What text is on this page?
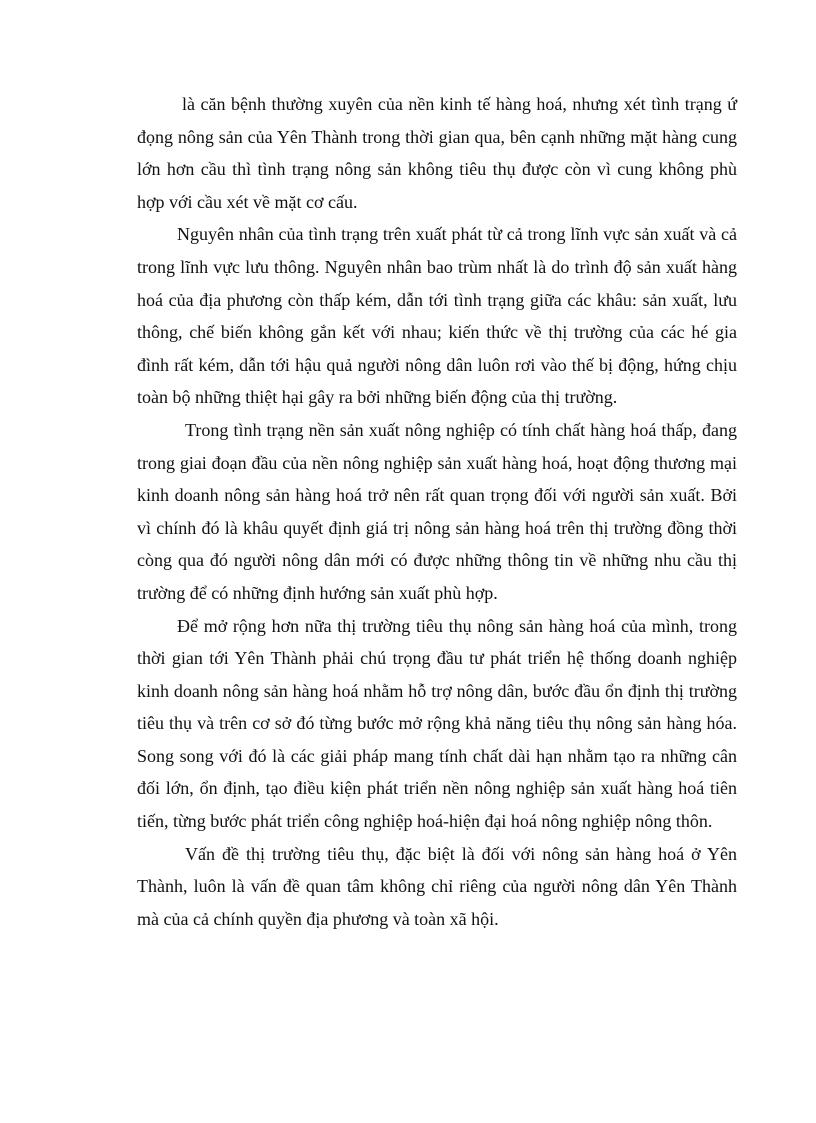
là căn bệnh thường xuyên của nền kinh tế hàng hoá, nhưng xét tình trạng ứ đọng nông sản của Yên Thành trong thời gian qua, bên cạnh những mặt hàng cung lớn hơn cầu thì tình trạng nông sản không tiêu thụ được còn vì cung không phù hợp với cầu xét về mặt cơ cấu.

Nguyên nhân của tình trạng trên xuất phát từ cả trong lĩnh vực sản xuất và cả trong lĩnh vực lưu thông. Nguyên nhân bao trùm nhất là do trình độ sản xuất hàng hoá của địa phương còn thấp kém, dẫn tới tình trạng giữa các khâu: sản xuất, lưu thông, chế biến không gắn kết với nhau; kiến thức về thị trường của các hé gia đình rất kém, dẫn tới hậu quả người nông dân luôn rơi vào thế bị động, hứng chịu toàn bộ những thiệt hại gây ra bởi những biến động của thị trường.

Trong tình trạng nền sản xuất nông nghiệp có tính chất hàng hoá thấp, đang trong giai đoạn đầu của nền nông nghiệp sản xuất hàng hoá, hoạt động thương mại kinh doanh nông sản hàng hoá trở nên rất quan trọng đối với người sản xuất. Bởi vì chính đó là khâu quyết định giá trị nông sản hàng hoá trên thị trường đồng thời còng qua đó người nông dân mới có được những thông tin về những nhu cầu thị trường để có những định hướng sản xuất phù hợp.

Để mở rộng hơn nữa thị trường tiêu thụ nông sản hàng hoá của mình, trong thời gian tới Yên Thành phải chú trọng đầu tư phát triển hệ thống doanh nghiệp kinh doanh nông sản hàng hoá nhằm hỗ trợ nông dân, bước đầu ổn định thị trường tiêu thụ và trên cơ sở đó từng bước mở rộng khả năng tiêu thụ nông sản hàng hóa. Song song với đó là các giải pháp mang tính chất dài hạn nhằm tạo ra những cân đối lớn, ổn định, tạo điều kiện phát triển nền nông nghiệp sản xuất hàng hoá tiên tiến, từng bước phát triển công nghiệp hoá-hiện đại hoá nông nghiệp nông thôn.

Vấn đề thị trường tiêu thụ, đặc biệt là đối với nông sản hàng hoá ở Yên Thành, luôn là vấn đề quan tâm không chỉ riêng của người nông dân Yên Thành mà của cả chính quyền địa phương và toàn xã hội.
